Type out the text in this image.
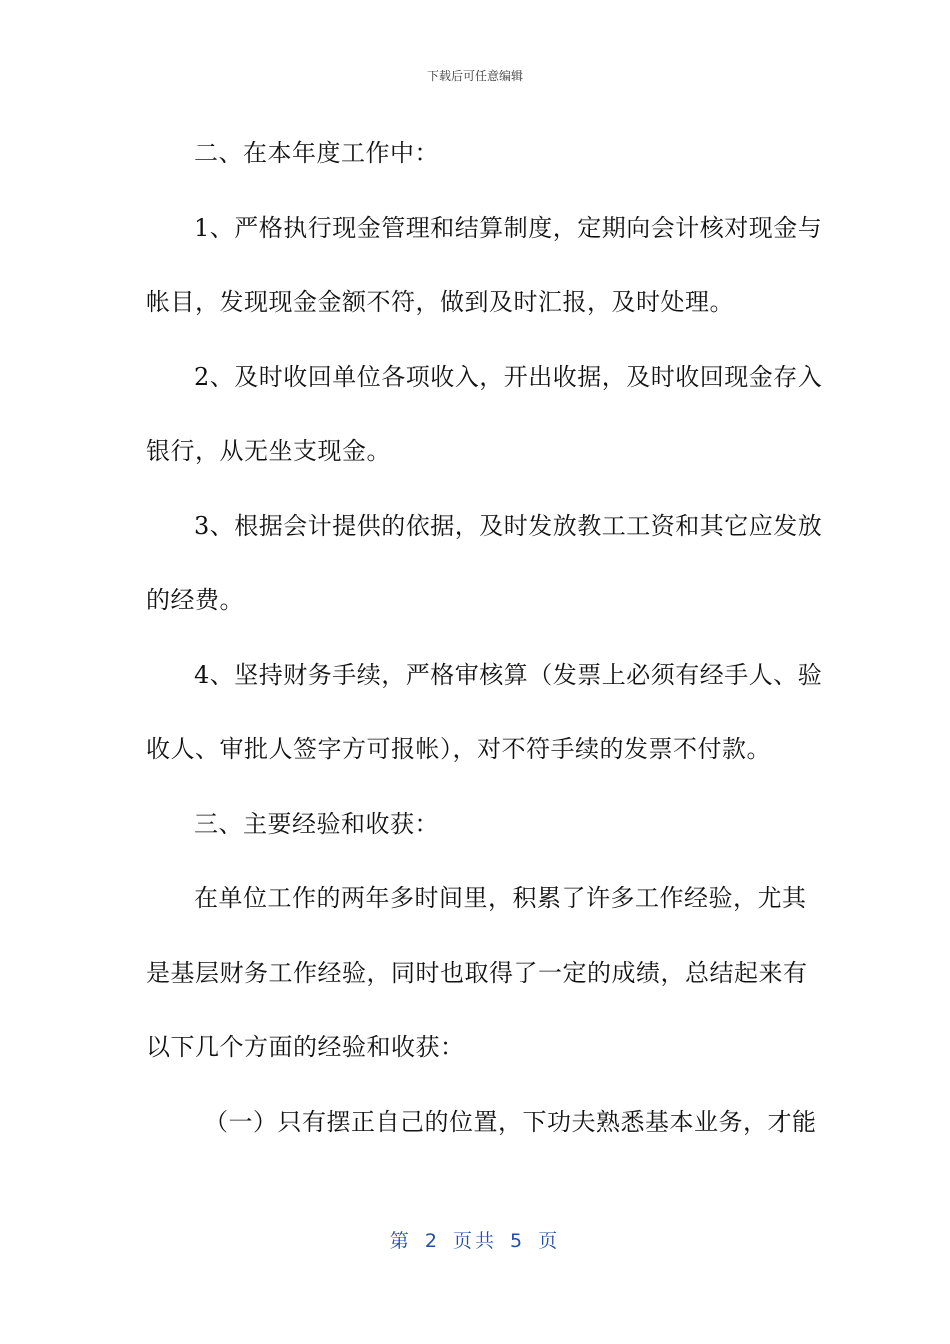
下载后可任意编辑

二、在本年度工作中：

1、严格执行现金管理和结算制度，定期向会计核对现金与

帐目，发现现金金额不符，做到及时汇报，及时处理。

2、及时收回单位各项收入，开出收据，及时收回现金存入

银行，从无坐支现金。

3、根据会计提供的依据，及时发放教工工资和其它应发放

的经费。

4、坚持财务手续，严格审核算（发票上必须有经手人、验

收人、审批人签字方可报帐），对不符手续的发票不付款。

三、主要经验和收获：

在单位工作的两年多时间里，积累了许多工作经验，尤其

是基层财务工作经验，同时也取得了一定的成绩，总结起来有

以下几个方面的经验和收获：

（一）只有摆正自己的位置，下功夫熟悉基本业务，才能

第 2 页共 5 页
